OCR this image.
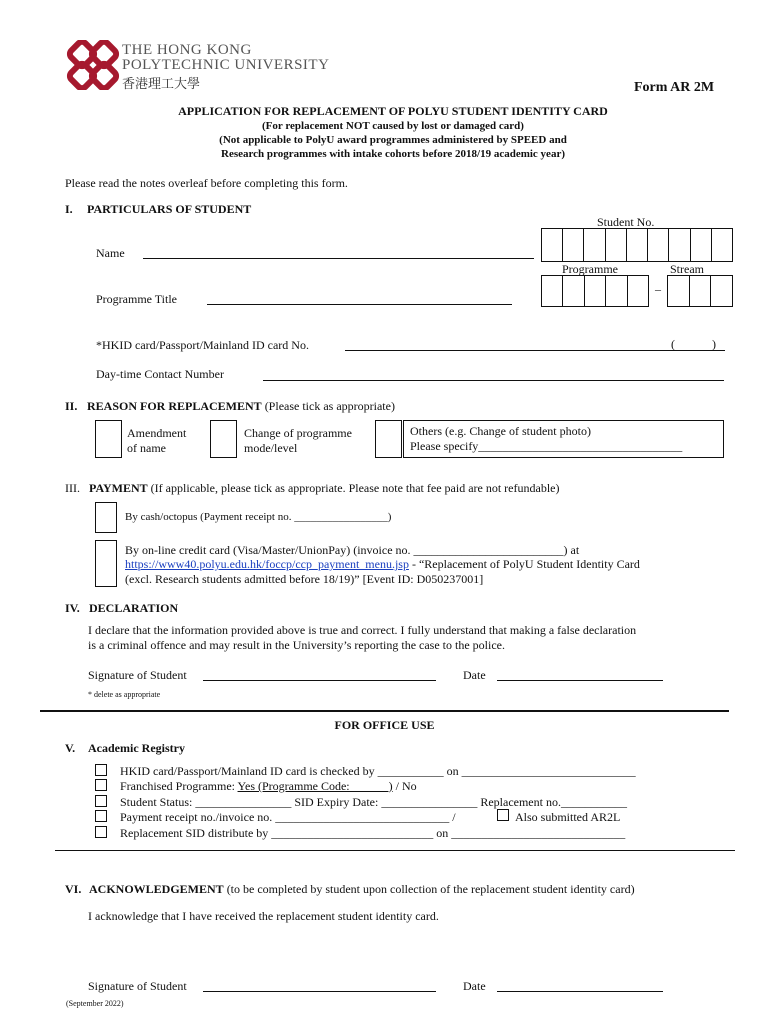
THE HONG KONG
POLYTECHNIC UNIVERSITY
香港理工大學	Form AR 2M
APPLICATION FOR REPLACEMENT OF POLYU STUDENT IDENTITY CARD
(For replacement NOT caused by lost or damaged card)
(Not applicable to PolyU award programmes administered by SPEED and
Research programmes with intake cohorts before 2018/19 academic year)
Please read the notes overleaf before completing this form.
I. PARTICULARS OF STUDENT
Student No.
Name
Programme	Stream
–
Programme Title
*HKID card/Passport/Mainland ID card No.	(	)
Day-time Contact Number
II. REASON FOR REPLACEMENT (Please tick as appropriate)
Amendment
of name
Change of programme
mode/level
Others (e.g. Change of student photo)
Please specify__________________________________
III. PAYMENT (If applicable, please tick as appropriate. Please note that fee paid are not refundable)
By cash/octopus (Payment receipt no. _________________)
By on-line credit card (Visa/Master/UnionPay) (invoice no. _________________________) at
https://www40.polyu.edu.hk/foccp/ccp_payment_menu.jsp - “Replacement of PolyU Student Identity Card
(excl. Research students admitted before 18/19)” [Event ID: D050237001]
IV. DECLARATION
I declare that the information provided above is true and correct. I fully understand that making a false declaration
is a criminal offence and may result in the University’s reporting the case to the police.
Signature of Student	Date
* delete as appropriate
FOR OFFICE USE
V. Academic Registry
HKID card/Passport/Mainland ID card is checked by ___________ on _____________________________
Franchised Programme: Yes (Programme Code:             ) / No
Student Status: ________________ SID Expiry Date: ________________ Replacement no.___________
Payment receipt no./invoice no. _____________________________ /	Also submitted AR2L
Replacement SID distribute by ___________________________ on _____________________________
VI. ACKNOWLEDGEMENT (to be completed by student upon collection of the replacement student identity card)
I acknowledge that I have received the replacement student identity card.
Signature of Student	Date
(September 2022)
